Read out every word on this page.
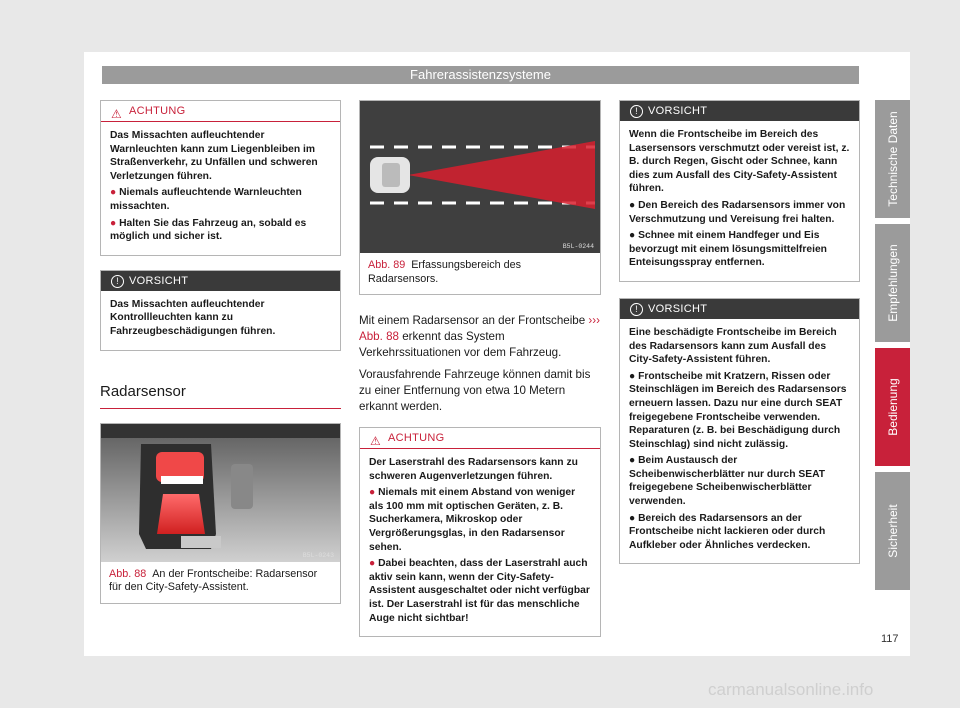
Fahrerassistenzsysteme
⚠ ACHTUNG

Das Missachten aufleuchtender Warnleuchten kann zum Liegenbleiben im Straßenverkehr, zu Unfällen und schweren Verletzungen führen.

● Niemals aufleuchtende Warnleuchten missachten.

● Halten Sie das Fahrzeug an, sobald es möglich und sicher ist.

! VORSICHT

Das Missachten aufleuchtender Kontrollleuchten kann zu Fahrzeugbeschädigungen führen.

Radarsensor
B5L-0243
Abb. 88 An der Frontscheibe: Radarsensor für den City-Safety-Assistent.
B5L-0244
Abb. 89 Erfassungsbereich des Radarsensors.

Mit einem Radarsensor an der Frontscheibe ››› Abb. 88 erkennt das System Verkehrssituationen vor dem Fahrzeug.

Vorausfahrende Fahrzeuge können damit bis zu einer Entfernung von etwa 10 Metern erkannt werden.

⚠ ACHTUNG

Der Laserstrahl des Radarsensors kann zu schweren Augenverletzungen führen.

● Niemals mit einem Abstand von weniger als 100 mm mit optischen Geräten, z. B. Sucherkamera, Mikroskop oder Vergrößerungsglas, in den Radarsensor sehen.

● Dabei beachten, dass der Laserstrahl auch aktiv sein kann, wenn der City-Safety-Assistent ausgeschaltet oder nicht verfügbar ist. Der Laserstrahl ist für das menschliche Auge nicht sichtbar!

! VORSICHT

Wenn die Frontscheibe im Bereich des Lasersensors verschmutzt oder vereist ist, z. B. durch Regen, Gischt oder Schnee, kann dies zum Ausfall des City-Safety-Assistent führen.

● Den Bereich des Radarsensors immer von Verschmutzung und Vereisung frei halten.

● Schnee mit einem Handfeger und Eis bevorzugt mit einem lösungsmittelfreien Enteisungsspray entfernen.

! VORSICHT

Eine beschädigte Frontscheibe im Bereich des Radarsensors kann zum Ausfall des City-Safety-Assistent führen.

● Frontscheibe mit Kratzern, Rissen oder Steinschlägen im Bereich des Radarsensors erneuern lassen. Dazu nur eine durch SEAT freigegebene Frontscheibe verwenden. Reparaturen (z. B. bei Beschädigung durch Steinschlag) sind nicht zulässig.

● Beim Austausch der Scheibenwischerblätter nur durch SEAT freigegebene Scheibenwischerblätter verwenden.

● Bereich des Radarsensors an der Frontscheibe nicht lackieren oder durch Aufkleber oder Ähnliches verdecken.

Technische Daten
Empfehlungen
Bedienung
Sicherheit
117
carmanualsonline.info
